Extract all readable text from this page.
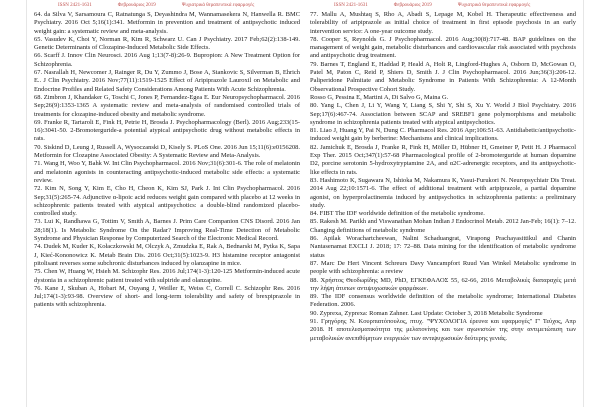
ISSN 2421-1631	Φεβρουάριος 2019	Ψυχιατρικά θεραπευτικά εφαρμογές	ISSN 2421-1631	Φεβρουάριος 2019	Ψυχιατρικά θεραπευτικά εφαρμογές

64. da Silva V, Sarsamoura C, Ratnatunga S, Deyashindra M, Wannamasekera N, Hanwella R. BMC Psychiatry. 2016 Oct 5;16(1):341. Metformin in prevention and treatment of antipsychotic induced weight gain: a systematic review and meta-analysis.

65. Vasudev K, Choi Y, Norman R, Kim R, Schwarz U. Can J Psychiatry. 2017 Feb;62(2):138-149. Genetic Determinants of Clozapine-Induced Metabolic Side Effects.

66. Scarff J. Innov Clin Neurosci. 2016 Aug 1;13(7-8):26-9. Bupropion: A New Treatment Option for Schizophrenia.

67. Nasrallah H, Newcomer J, Rainger R, Du Y, Zummo J, Bose A, Stankovic S, Silverman B, Ehrich E.. J Clin Psychiatry. 2016 Nov;77(11):1519-1525 Effect of Aripiprazole Lauroxil on Metabolic and Endocrine Profiles and Related Safety Considerations Among Patients With Acute Schizophrenia.

68. Zimbron J, Khandaker G, Toschi C, Jones P, Fernandez-Egea E. Eur Neuropsychopharmacol. 2016 Sep;26(9):1353-1365 A systematic review and meta-analysis of randomised controlled trials of treatments for clozapine-induced obesity and metabolic syndrome.

69. Franke R, Tartaroli E, Fink H, Petrie H, Brosda J. Psychopharmacology (Berl). 2016 Aug;233(15-16):3041-50. 2-Bromoterguride-a potential atypical antipsychotic drug without metabolic effects in rats.

70. Siskind D, Leung J, Russell A, Wysoczanski D, Kisely S. PLoS One. 2016 Jun 15;11(6):e0156208. Metformin for Clozapine Associated Obesity: A Systematic Review and Meta-Analysis.

71. Wang H, Woo Y, Bahk W. Int Clin Psychopharmacol. 2016 Nov;31(6):301-6. The role of melatonin and melatonin agonists in counteracting antipsychotic-induced metabolic side effects: a systematic review.

72. Kim N, Song Y, Kim E, Cho H, Cheon K, Kim SJ, Park J. Int Clin Psychopharmacol. 2016 Sep;31(5):265-74. Adjunctive α-lipoic acid reduces weight gain compared with placebo at 12 weeks in schizophrenic patients treated with atypical antipsychotics: a double-blind randomized placebo-controlled study.

73. Lui K, Randhawa G, Tottim V, Smith A, Barnes J. Prim Care Companion CNS Disord. 2016 Jan 28;18(1). Is Metabolic Syndrome On the Radar? Improving Real-Time Detection of Metabolic Syndrome and Physician Response by Computerized Search of the Electronic Medical Record.

74. Dudek M, Kuder K, Kołaczkowski M, Olczyk A, Zmudzka E, Rak A, Bednarski M, Pytka K, Sapa J, Kieć-Kononowicz K. Metab Brain Dis. 2016 Oct;31(5):1023-9. H3 histamine receptor antagonist pitolisant reverses some subchronic disturbances induced by olanzapine in mice.

75. Chen W, Huang W, Hsieh M. Schizophr Res. 2016 Jul;174(1-3):120-125 Metformin-induced acute dystonia in a schizophrenic patient treated with sulpiride and olanzapine.

76. Kane J, Skuban A, Hobart M, Ouyang J, Weiller E, Weiss C, Correll C. Schizophr Res. 2016 Jul;174(1-3):93-98. Overview of short- and long-term tolerability and safety of brexpiprazole in patients with schizophrenia.

77. Mallu A, Mushtaq S, Rho A, Abadi S, Lepage M, Kobel H. Therapeutic effectiveness and tolerability of aripiprazole as initial choice of treatment in first episode psychosis in an early intervention service: A one-year outcome study.

78. Cooper S, Reynolds G. J Psychopharmacol. 2016 Aug;30(8):717-48. BAP guidelines on the management of weight gain, metabolic disturbances and cardiovascular risk associated with psychosis and antipsychotic drug treatment.

79. Barnes T, England E, Haddad P, Heald A, Holt R, Lingford-Hughes A, Osborn D, McGowan O, Patel M, Paton C, Reid P, Shiers D, Smith J. J Clin Psychopharmacol. 2016 Jun;36(3):206-12. Paliperidone Palmitate and Metabolic Syndrome in Patients With Schizophrenia: A 12-Month Observational Prospective Cohort Study.

Rosso G, Pessina E, Martini A, Di Salvo G, Maina G.

80. Yang L, Chen J, Li Y, Wang Y, Liang S, Shi Y, Shi S, Xu Y. World J Biol Psychiatry. 2016 Sep;17(6):467-74. Association between SCAP and SREBF1 gene polymorphisms and metabolic syndrome in schizophrenia patients treated with atypical antipsychotics.

81. Liao J, Huang Y, Pai N, Dung C. Pharmacol Res. 2016 Apr;106:51-63. Antidiabetic/antipsychotic-induced weight gain by berberine: Mechanisms and clinical implications.

82. Jamichuk E, Brosda J, Franke R, Fink H, Möller D, Hübner H, Gmeiner P, Petit H. J Pharmacol Exp Ther. 2015 Oct;347(1):57-68 Pharmacological profile of 2-bromoterguride at human dopamine D2, porcine serotonin 5-hydroxytryptamine 2A, and α2C-adrenergic receptors, and its antipsychotic-like effects in rats.

83. Hashimoto K, Sugawara N, Ishioka M, Nakamura K, Yasui-Furukori N. Neuropsychiatr Dis Treat. 2014 Aug 22;10:1571-6. The effect of additional treatment with aripiprazole, a partial dopamine agonist, on hyperprolactinemia induced by antipsychotics in schizophrenia patients: a preliminary study.

84. FIBT The IDF worldwide definition of the metabolic syndrome.

85. Rakesh M. Parikh and Viswanathan Mohan Indian J Endocrinol Metab. 2012 Jan-Feb; 16(1): 7–12. Changing definitions of metabolic syndrome

86. Apilak Worachartcheewan, Nalini Schaduangrat, Virapong Prachayasittikul and Chanin Nantasenamat EXCLI J. 2018; 17: 72–88. Data mining for the identification of metabolic syndrome status

87. Marc De Hert Vincent Schreurs Davy Vancampfort Ruud Van Winkel Metabolic syndrome in people with schizophrenia: a review

88. Χρήστος Θεοδωρίδης MD, PhD, ΕΓΚΕΦΑΛΟΣ 55, 62-66, 2016 Μεταβολικές διαταραχές μετά την λήψη άτυπων αντιψυχωσικών φαρμάκων.

89. The IDF consensus worldwide definition of the metabolic syndrome; International Diabetes Federation. 2006.

90. Zyprexa, Zyprexa: Roman Zahner. Last Update: October 3, 2018 Metabolic Syndrome

91. Γρηγόρης Ν. Κουρπιατόπουλος, πτυχ. "ΨΥΧΟΛΟΓΙΑ έρευνα και εφαρμογές" Γ' Τεύχος, Απρ 2018. Η αποτελεσματικότητα της μελατονίνης και των αγωνιστών της στην αντιμετώπιση των μεταβολικών ανεπιθύμητων ενεργειών των αντιψυχωσικών δεύτερης γενιάς.
